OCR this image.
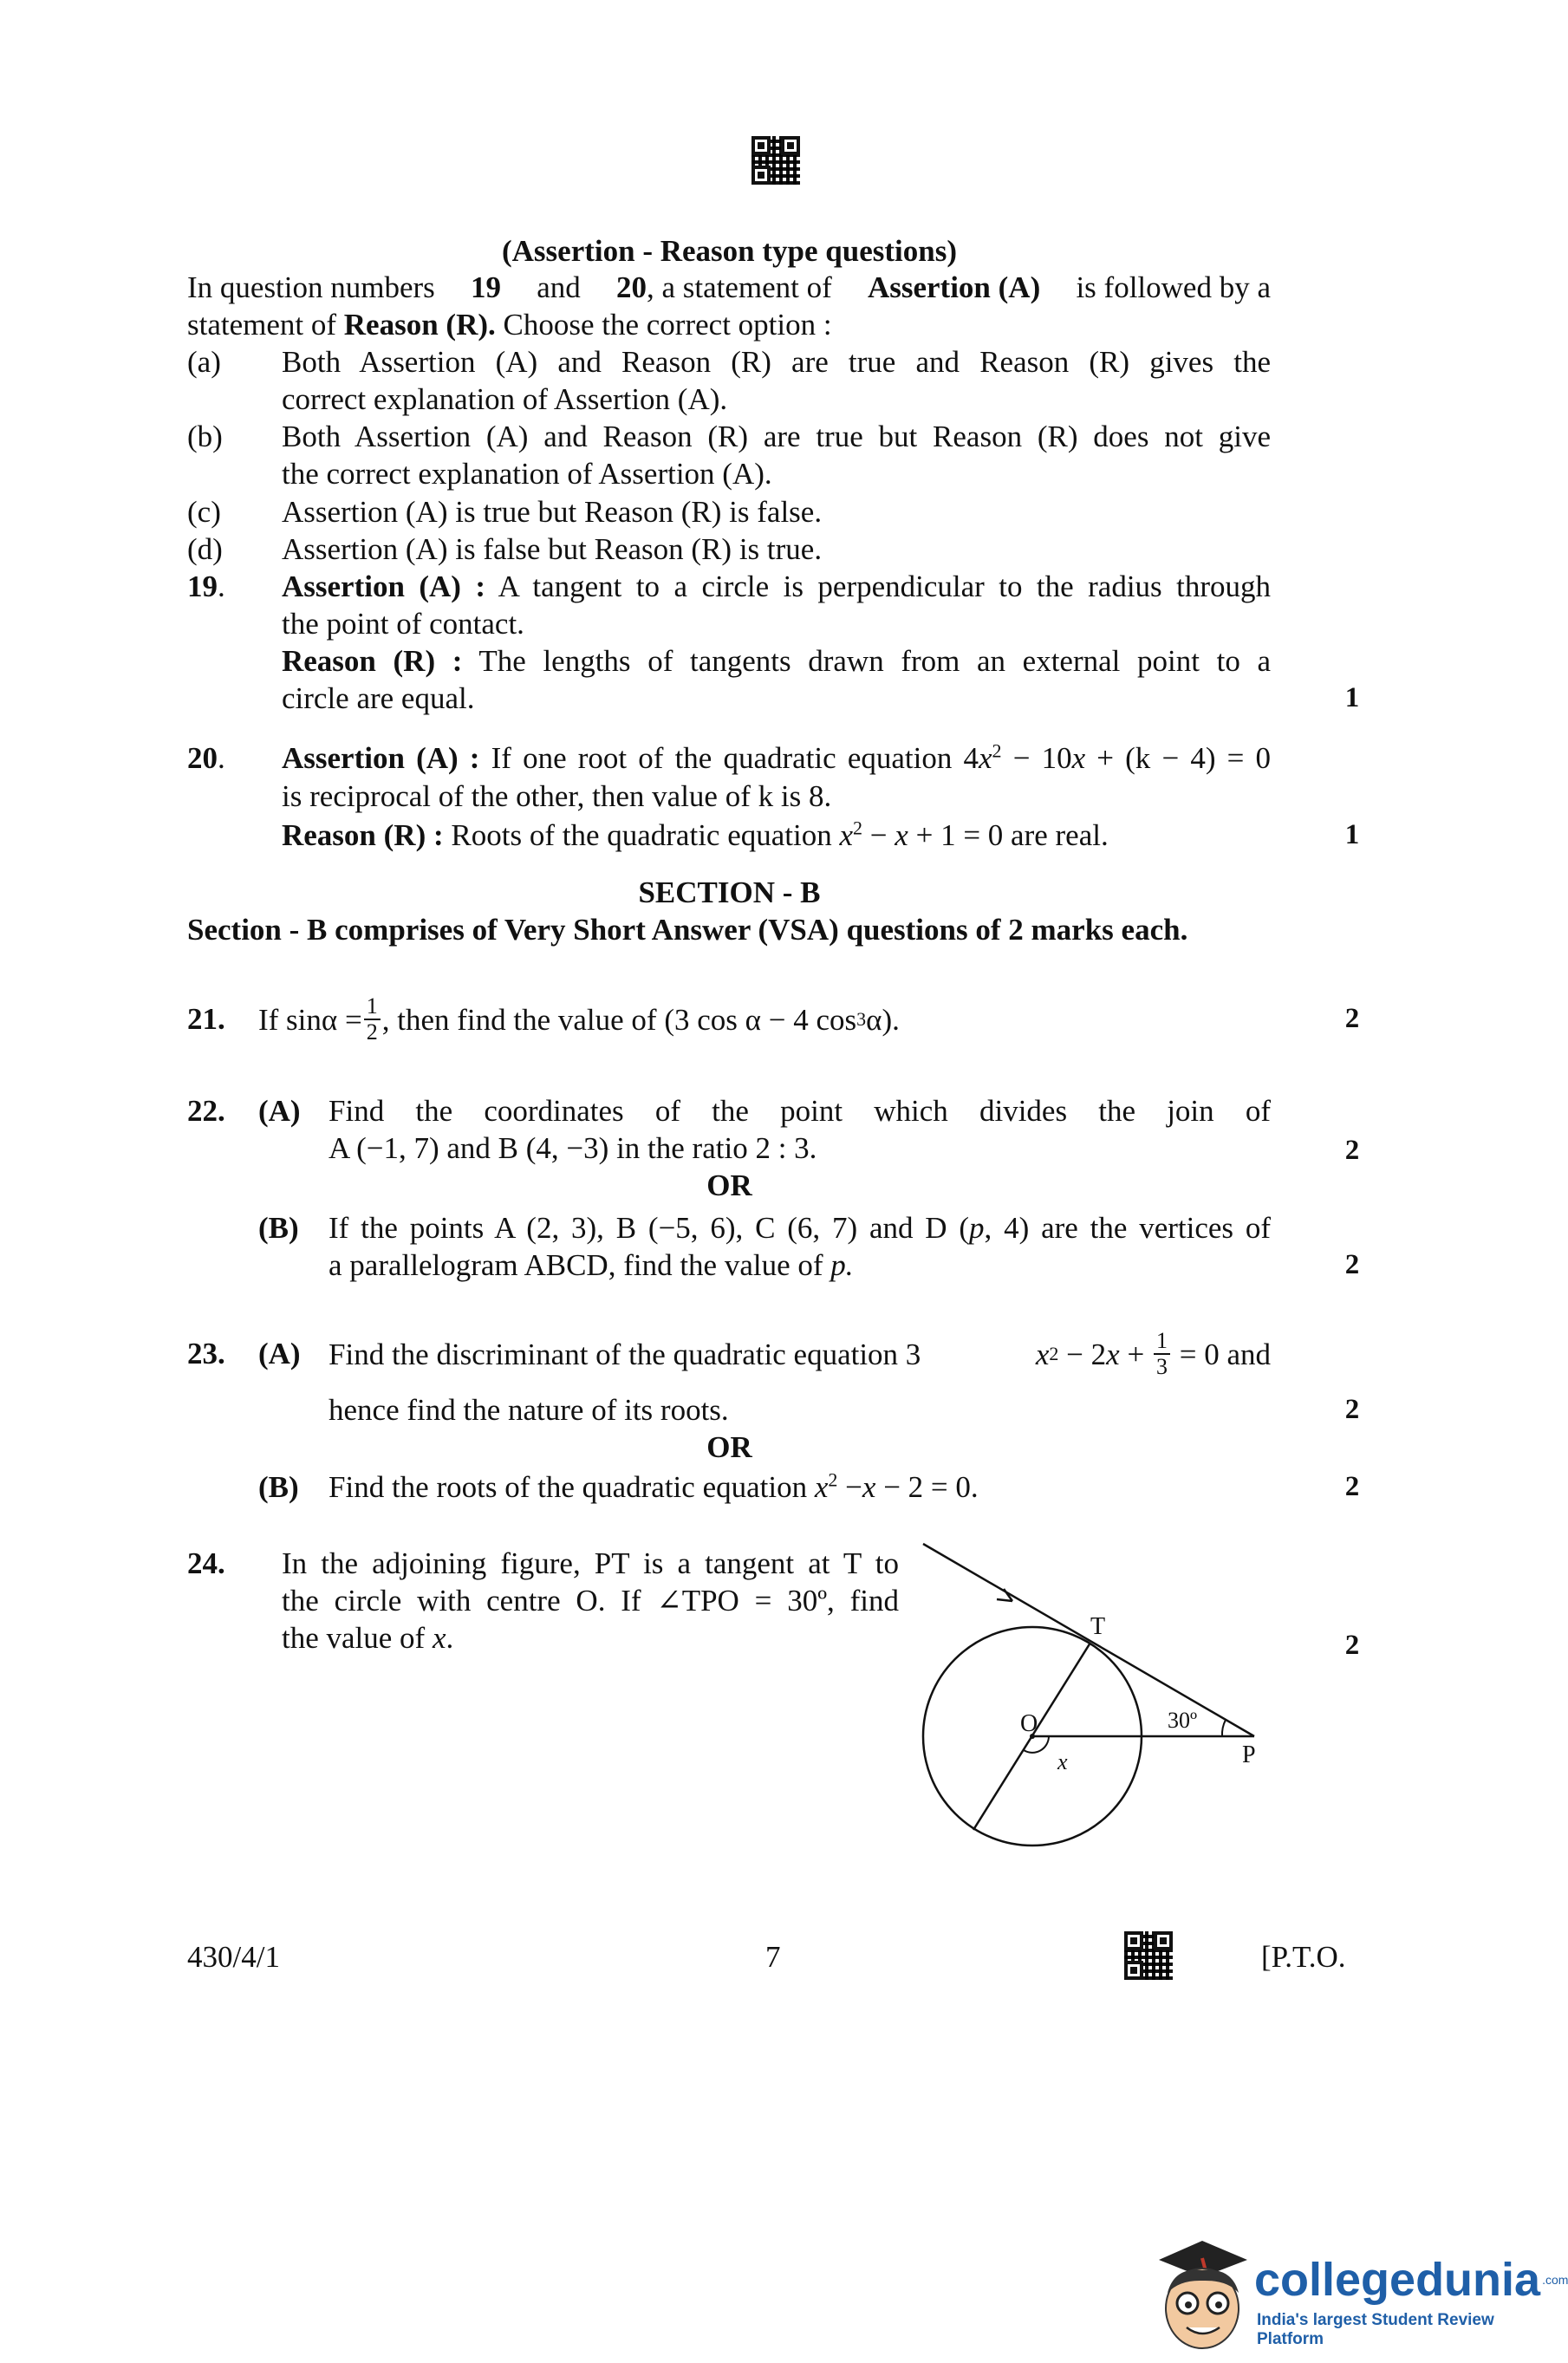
(Assertion - Reason type questions)
In question numbers 19 and 20, a statement of Assertion (A) is followed by a
statement of Reason (R). Choose the correct option :
(a) Both Assertion (A) and Reason (R) are true and Reason (R) gives the
correct explanation of Assertion (A).
(b) Both Assertion (A) and Reason (R) are true but Reason (R) does not give
the correct explanation of Assertion (A).
(c) Assertion (A) is true but Reason (R) is false.
(d) Assertion (A) is false but Reason (R) is true.
19. Assertion (A) : A tangent to a circle is perpendicular to the radius through
the point of contact.
Reason (R) : The lengths of tangents drawn from an external point to a
circle are equal.	1
20. Assertion (A) : If one root of the quadratic equation $4x^2 - 10x + (k - 4) = 0$
is reciprocal of the other, then value of k is 8.
Reason (R) : Roots of the quadratic equation $x^2 - x + 1 = 0$ are real.	1
SECTION - B
Section - B comprises of Very Short Answer (VSA) questions of 2 marks each.
21. If $\sin\alpha = \frac{1}{2}$ , then find the value of (3 cos α − 4 cos 3 α).	2
22. (A) Find the coordinates of the point which divides the join of
A (−1, 7) and B (4, −3) in the ratio 2 : 3.	2
OR
(B) If the points A (2, 3), B (−5, 6), C (6, 7) and D (p, 4) are the vertices of
a parallelogram ABCD, find the value of p.	2
23. (A) Find the discriminant of the quadratic equation 3	x 2 − 2 $x + \frac{1}{3} = 0$ and
hence find the nature of its roots.	2
OR
(B) Find the roots of the quadratic equation $x^2 -x - 2 = 0$.	2
24. In the adjoining figure, PT is a tangent at T to
the circle with centre O. If ∠TPO = 30º, find
the value of x.	2
T
O
P
x
30º
430/4/1	7	[P.T.O.
collegedunia $^{.com}$
India's largest Student Review Platform
